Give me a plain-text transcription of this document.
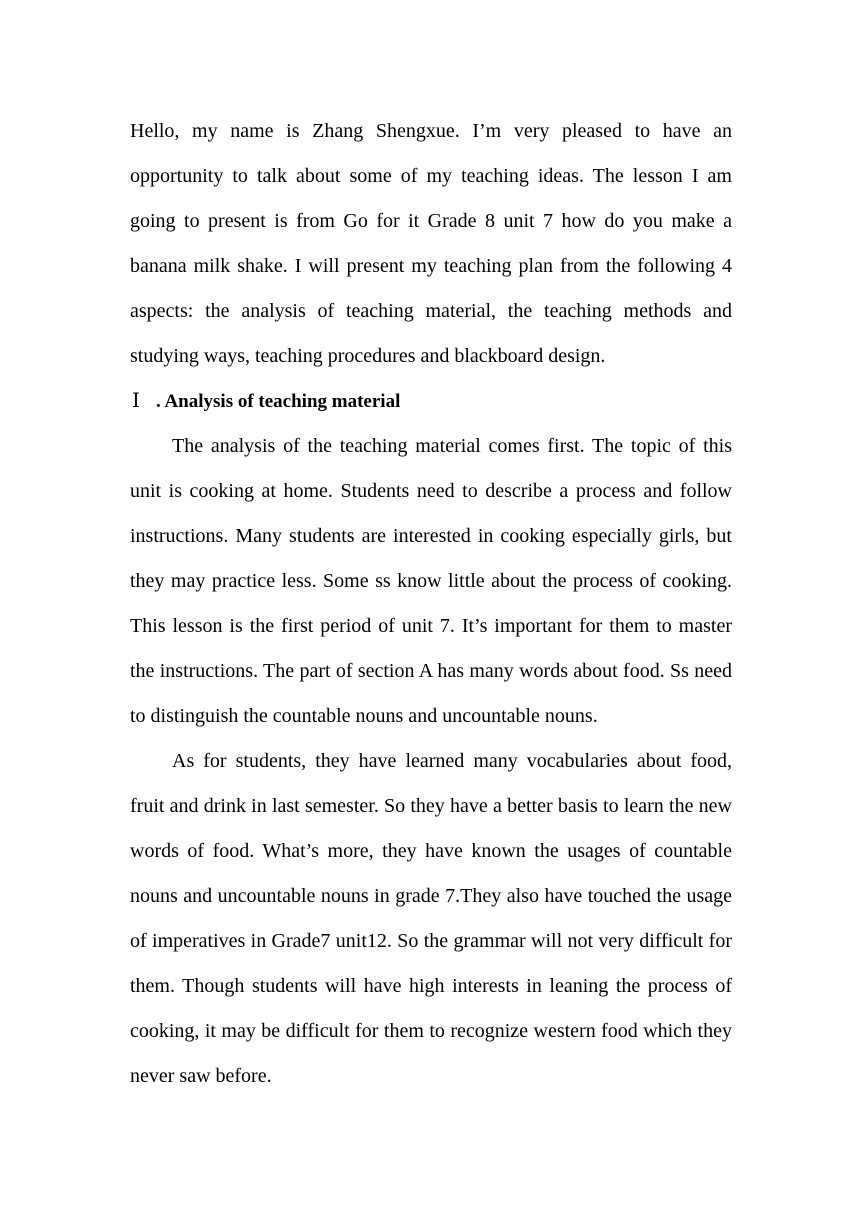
Hello, my name is Zhang Shengxue. I’m very pleased to have an opportunity to talk about some of my teaching ideas. The lesson I am going to present is from Go for it Grade 8 unit 7 how do you make a banana milk shake. I will present my teaching plan from the following 4 aspects: the analysis of teaching material, the teaching methods and studying ways, teaching procedures and blackboard design.

Ⅰ . Analysis of teaching material

The analysis of the teaching material comes first. The topic of this unit is cooking at home. Students need to describe a process and follow instructions. Many students are interested in cooking especially girls, but they may practice less. Some ss know little about the process of cooking. This lesson is the first period of unit 7. It’s important for them to master the instructions. The part of section A has many words about food. Ss need to distinguish the countable nouns and uncountable nouns.

As for students, they have learned many vocabularies about food, fruit and drink in last semester. So they have a better basis to learn the new words of food. What’s more, they have known the usages of countable nouns and uncountable nouns in grade 7.They also have touched the usage of imperatives in Grade7 unit12. So the grammar will not very difficult for them. Though students will have high interests in leaning the process of cooking, it may be difficult for them to recognize western food which they never saw before.
